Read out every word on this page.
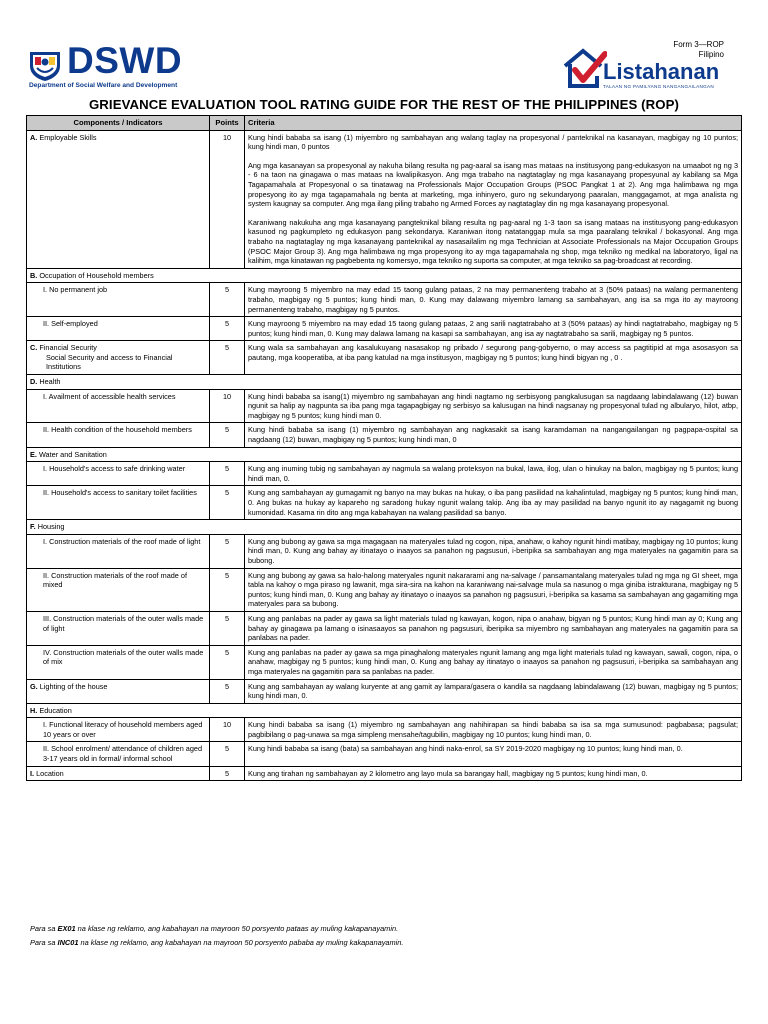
DSWD
Department of Social Welfare and Development
Form 3—ROP
Filipino
Listahanan
TALAAN NG PAMILYANG NANGANGAILANGAN
GRIEVANCE EVALUATION TOOL RATING GUIDE FOR THE REST OF THE PHILIPPINES (ROP)
Components / Indicators	Points	Criteria
A. Employable Skills	10	Kung hindi bababa sa isang (1) miyembro ng sambahayan ang walang taglay na propesyonal / panteknikal na kasanayan, magbigay ng 10 puntos; kung hindi man, 0 puntos

Ang mga kasanayan sa propesyonal ay nakuha bilang resulta ng pag-aaral sa isang mas mataas na institusyong pang-edukasyon na umaabot ng ng 3 - 6 na taon na ginagawa o mas mataas na kwalipikasyon. Ang mga trabaho na nagtataglay ng mga kasanayang propesyunal ay kabilang sa Mga Tagapamahala at Propesyonal o sa tinatawag na Professionals Major Occupation Groups (PSOC Pangkat 1 at 2). Ang mga halimbawa ng mga propesyong ito ay mga tagapamahala ng benta at marketing, mga inhinyero, guro ng sekundaryong paaralan, manggagamot, at mga analista ng system kaugnay sa computer. Ang mga ilang piling trabaho ng Armed Forces ay nagtataglay din ng mga kasanayang propesyonal.

Karaniwang nakukuha ang mga kasanayang pangteknikal bilang resulta ng pag-aaral ng 1-3 taon sa isang mataas na institusyong pang-edukasyon kasunod ng pagkumpleto ng edukasyon pang sekondarya. Karaniwan itong natatanggap mula sa mga paaralang teknikal / bokasyonal. Ang mga trabaho na nagtataglay ng mga kasanayang panteknikal ay nasasailalim ng mga Technician at Associate Professionals na Major Occupation Groups (PSOC Major Group 3). Ang mga halimbawa ng mga propesyong ito ay mga tagapamahala ng shop, mga tekniko ng medikal na laboratoryo, ligal na kalihim, mga kinatawan ng pagbebenta ng komersyo, mga tekniko ng suporta sa computer, at mga tekniko sa pag-broadcast at recording.

B. Occupation of Household members		
I. No permanent job	5	Kung mayroong 5 miyembro na may edad 15 taong gulang pataas, 2 na may permanenteng trabaho at 3 (50% pataas) na walang permanenteng trabaho, magbigay ng 5 puntos; kung hindi man, 0. Kung may dalawang miyembro lamang sa sambahayan, ang isa sa mga ito ay mayroong permanenteng trabaho, magbigay ng 5 puntos.

II. Self-employed	5	Kung mayroong 5 miyembro na may edad 15 taong gulang pataas, 2 ang sarili nagtatrabaho at 3 (50% pataas) ay hindi nagtatrabaho, magbigay ng 5 puntos; kung hindi man, 0. Kung may dalawa lamang na kasapi sa sambahayan, ang isa ay nagtatrabaho sa sarili, magbigay ng 5 puntos.

C. Financial Security
Social Security and access to Financial Institutions	5	Kung wala sa sambahayan ang kasalukuyang nasasakop ng pribado / segurong pang-gobyerno, o may access sa pagtitipid at mga asosasyon sa pautang, mga kooperatiba, at iba pang katulad na mga institusyon, magbigay ng 5 puntos; kung hindi bigyan ng , 0 .

D. Health		
I. Availment of accessible health services	10	Kung hindi bababa sa isang(1) miyembro ng sambahayan ang hindi nagtamo ng serbisyong pangkalusugan sa nagdaang labindalawang (12) buwan ngunit sa halip ay nagpunta sa iba pang mga tagapagbigay ng serbisyo sa kalusugan na hindi nagsanay ng propesyonal tulad ng albularyo, hilot, atbp, magbigay ng 5 puntos; kung hindi man 0.

II. Health condition of the household members	5	Kung hindi bababa sa isang (1) miyembro ng sambahayan ang nagkasakit sa isang karamdaman na nangangailangan ng pagpapa-ospital sa nagdaang (12) buwan, magbigay ng 5 puntos; kung hindi man, 0

E. Water and Sanitation		
I. Household's access to safe drinking water	5	Kung ang inuming tubig ng sambahayan ay nagmula sa walang proteksyon na bukal, lawa, ilog, ulan o hinukay na balon, magbigay ng 5 puntos; kung hindi man, 0.

II. Household's access to sanitary toilet facilities	5	Kung ang sambahayan ay gumagamit ng banyo na may bukas na hukay, o iba pang pasilidad na kahalintulad, magbigay ng 5 puntos; kung hindi man, 0. Ang bukas na hukay ay kapareho ng saradong hukay ngunit walang takip. Ang iba ay may pasilidad na banyo ngunit ito ay nagagamit ng buong kumonidad. Kasama rin dito ang mga kabahayan na walang pasilidad sa banyo.

F. Housing		
I. Construction materials of the roof made of light	5	Kung ang bubong ay gawa sa mga magagaan na materyales tulad ng cogon, nipa, anahaw, o kahoy ngunit hindi matibay, magbigay ng 10 puntos; kung hindi man, 0. Kung ang bahay ay itinatayo o inaayos sa panahon ng pagsusuri, i-beripika sa sambahayan ang mga materyales na gagamitin para sa bubong.

II. Construction materials of the roof made of mixed	5	Kung ang bubong ay gawa sa halo-halong materyales ngunit nakararami ang na-salvage / pansamantalang materyales tulad ng mga ng GI sheet, mga tabla na kahoy o mga piraso ng lawanit, mga sira-sira na kahon na karaniwang nai-salvage mula sa nasunog o mga giniba istrakturana, magbigay ng 5 puntos; kung hindi man, 0. Kung ang bahay ay itinatayo o inaayos sa panahon ng pagsusuri, i-beripika sa kasama sa sambahayan ang gagamiting mga materyales para sa bubong.

III. Construction materials of the outer walls made of light	5	Kung ang panlabas na pader ay gawa sa light materials tulad ng kawayan, kogon, nipa o anahaw, bigyan ng 5 puntos; Kung hindi man ay 0; Kung ang bahay ay ginagawa pa lamang o isinasaayos sa panahon ng pagsusuri, iberipika sa miyembro ng sambahayan ang materyales na gagamitin para sa panlabas na pader.

IV. Construction materials of the outer walls made of mix	5	Kung ang panlabas na pader ay gawa sa mga pinaghalong materyales ngunit lamang ang mga light materials tulad ng kawayan, sawali, cogon, nipa, o anahaw, magbigay ng 5 puntos; kung hindi man, 0. Kung ang bahay ay itinatayo o inaayos sa panahon ng pagsusuri, i-beripika sa sambahayan ang mga materyales na gagamitin para sa panlabas na pader.

G. Lighting of the house	5	Kung ang sambahayan ay walang kuryente at ang gamit ay lampara/gasera o kandila sa nagdaang labindalawang (12) buwan, magbigay ng 5 puntos; kung hindi man, 0.

H. Education		
I. Functional literacy of household members aged 10 years or over	10	Kung hindi bababa sa isang (1) miyembro ng sambahayan ang nahihirapan sa hindi bababa sa isa sa mga sumusunod: pagbabasa; pagsulat; pagbibilang o pag-unawa sa mga simpleng mensahe/tagubilin, magbigay ng 10 puntos; kung hindi man, 0.

II. School enrolment/ attendance of children aged 3-17 years old in formal/ informal school	5	Kung hindi bababa sa isang (bata) sa sambahayan ang hindi naka-enrol, sa SY 2019-2020 magbigay ng 10 puntos; kung hindi man, 0.

I. Location	5	Kung ang tirahan ng sambahayan ay 2 kilometro ang layo mula sa barangay hall, magbigay ng 5 puntos; kung hindi man, 0.

Para sa EX01 na klase ng reklamo, ang kabahayan na mayroon 50 porsyento pataas ay muling kakapanayamin.
Para sa INC01 na klase ng reklamo, ang kabahayan na mayroon 50 porsyento pababa ay muling kakapanayamin.
